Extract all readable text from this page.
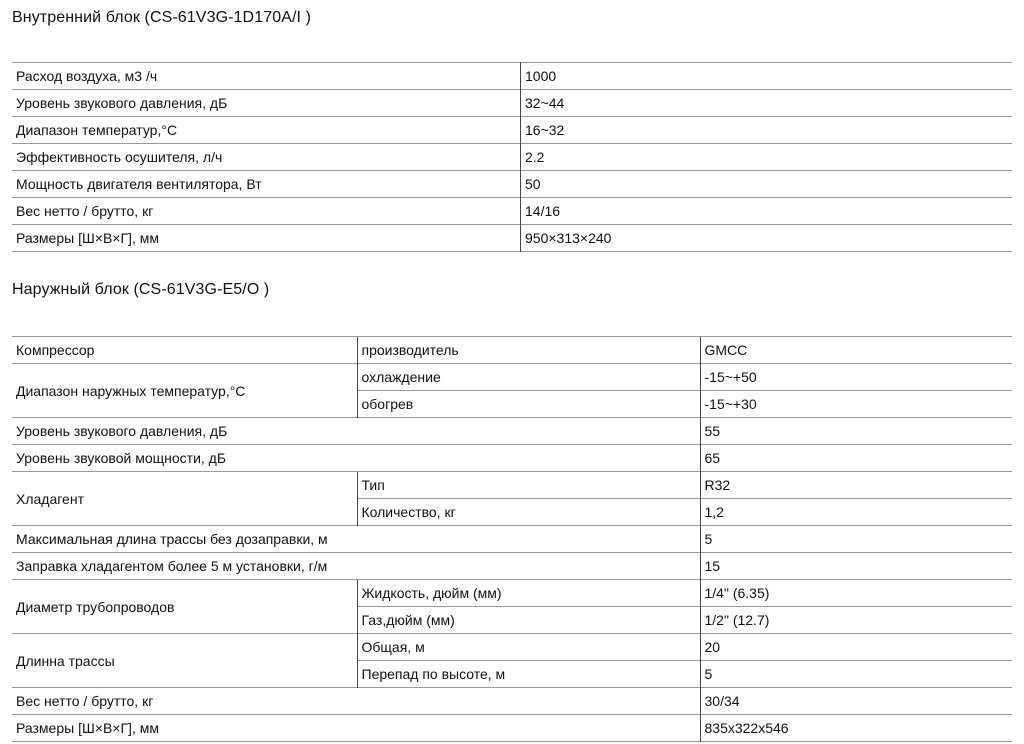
Внутренний блок (CS-61V3G-1D170A/I )
Расход воздуха, м3 /ч	1000
Уровень звукового давления, дБ	32~44
Диапазон температур,°С	16~32
Эффективность осушителя, л/ч	2.2
Мощность двигателя вентилятора, Вт	50
Вес нетто / брутто, кг	14/16
Размеры [Ш×В×Г], мм	950×313×240
Наружный блок (CS-61V3G-E5/O )
Компрессор	производитель	GMCC
Диапазон наружных температур,°С	охлаждение	-15~+50
	обогрев	-15~+30
Уровень звукового давления, дБ		55
Уровень звуковой мощности, дБ		65
Хладагент	Тип	R32
	Количество, кг	1,2
Максимальная длина трассы без дозаправки, м		5
Заправка хладагентом более 5 м установки, г/м		15
Диаметр трубопроводов	Жидкость, дюйм (мм)	1/4" (6.35)
	Газ,дюйм (мм)	1/2" (12.7)
Длинна трассы	Общая, м	20
	Перепад по высоте, м	5
Вес нетто / брутто, кг		30/34
Размеры [Ш×В×Г], мм		835x322x546
